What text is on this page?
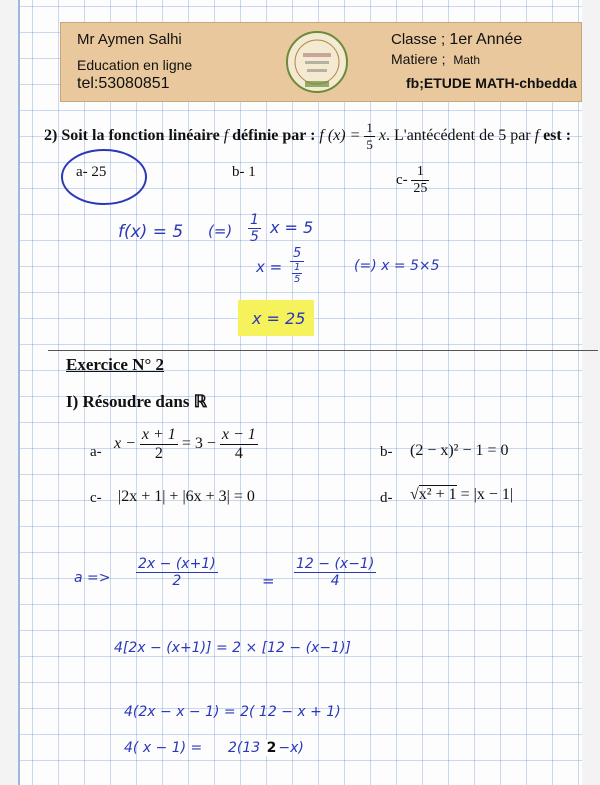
Mr Aymen Salhi
Education en ligne
tel:53080851
Classe ; 1er Année
Matiere ; Math
fb;ETUDE MATH-chbedda
2) Soit la fonction linéaire f définie par : f $(x) = \frac{1}{5} x$. L'antécédent de 5 par f est :
a- 25	b- 1	$c- \frac{1}{25}$
f(x) = 5 (=) $\frac{1}{5}$ x = 5
$x = \frac{5}{\frac{1}{5}}$	(=) x = 5×5
x = 25
Exercice N° 2
I) Résoudre dans ℝ
a- $x - \frac{x + 1}{2} = 3 - \frac{x - 1}{4}$	b- (2 − x)² − 1 = 0
c- |2x + 1| + |6x + 3| = 0	d- √x² + 1 = |x − 1|
$a => \frac{2x - (x+1)}{2}$	= $\frac{12 - (x-1)}{4}$
4[2x − (x+1)] = 2 × [12 − (x−1)]
4(2x − x − 1) = 2( 12 − x + 1)
4( x − 1) = 2(13 2 −x)
